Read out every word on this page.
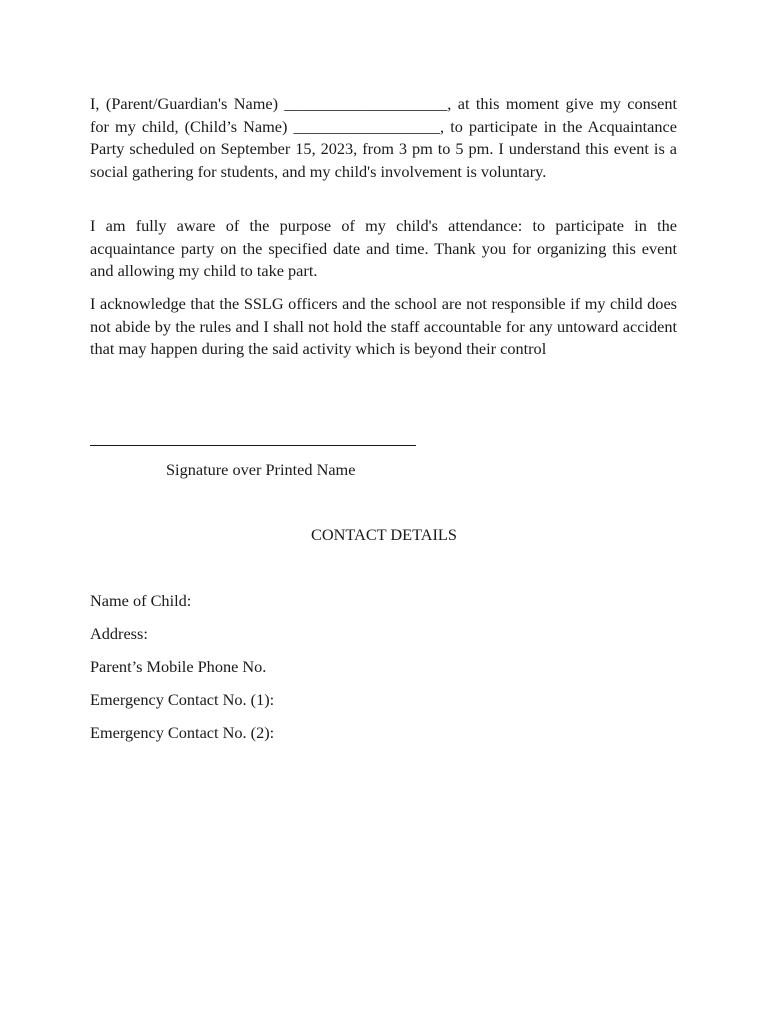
I, (Parent/Guardian's Name) ____________________, at this moment give my consent for my child, (Child’s Name) __________________, to participate in the Acquaintance Party scheduled on September 15, 2023, from 3 pm to 5 pm. I understand this event is a social gathering for students, and my child's involvement is voluntary.

I am fully aware of the purpose of my child's attendance: to participate in the acquaintance party on the specified date and time. Thank you for organizing this event and allowing my child to take part.

I acknowledge that the SSLG officers and the school are not responsible if my child does not abide by the rules and I shall not hold the staff accountable for any untoward accident that may happen during the said activity which is beyond their control

Signature over Printed Name
CONTACT DETAILS
Name of Child:
Address:
Parent’s Mobile Phone No.
Emergency Contact No. (1):
Emergency Contact No. (2):
